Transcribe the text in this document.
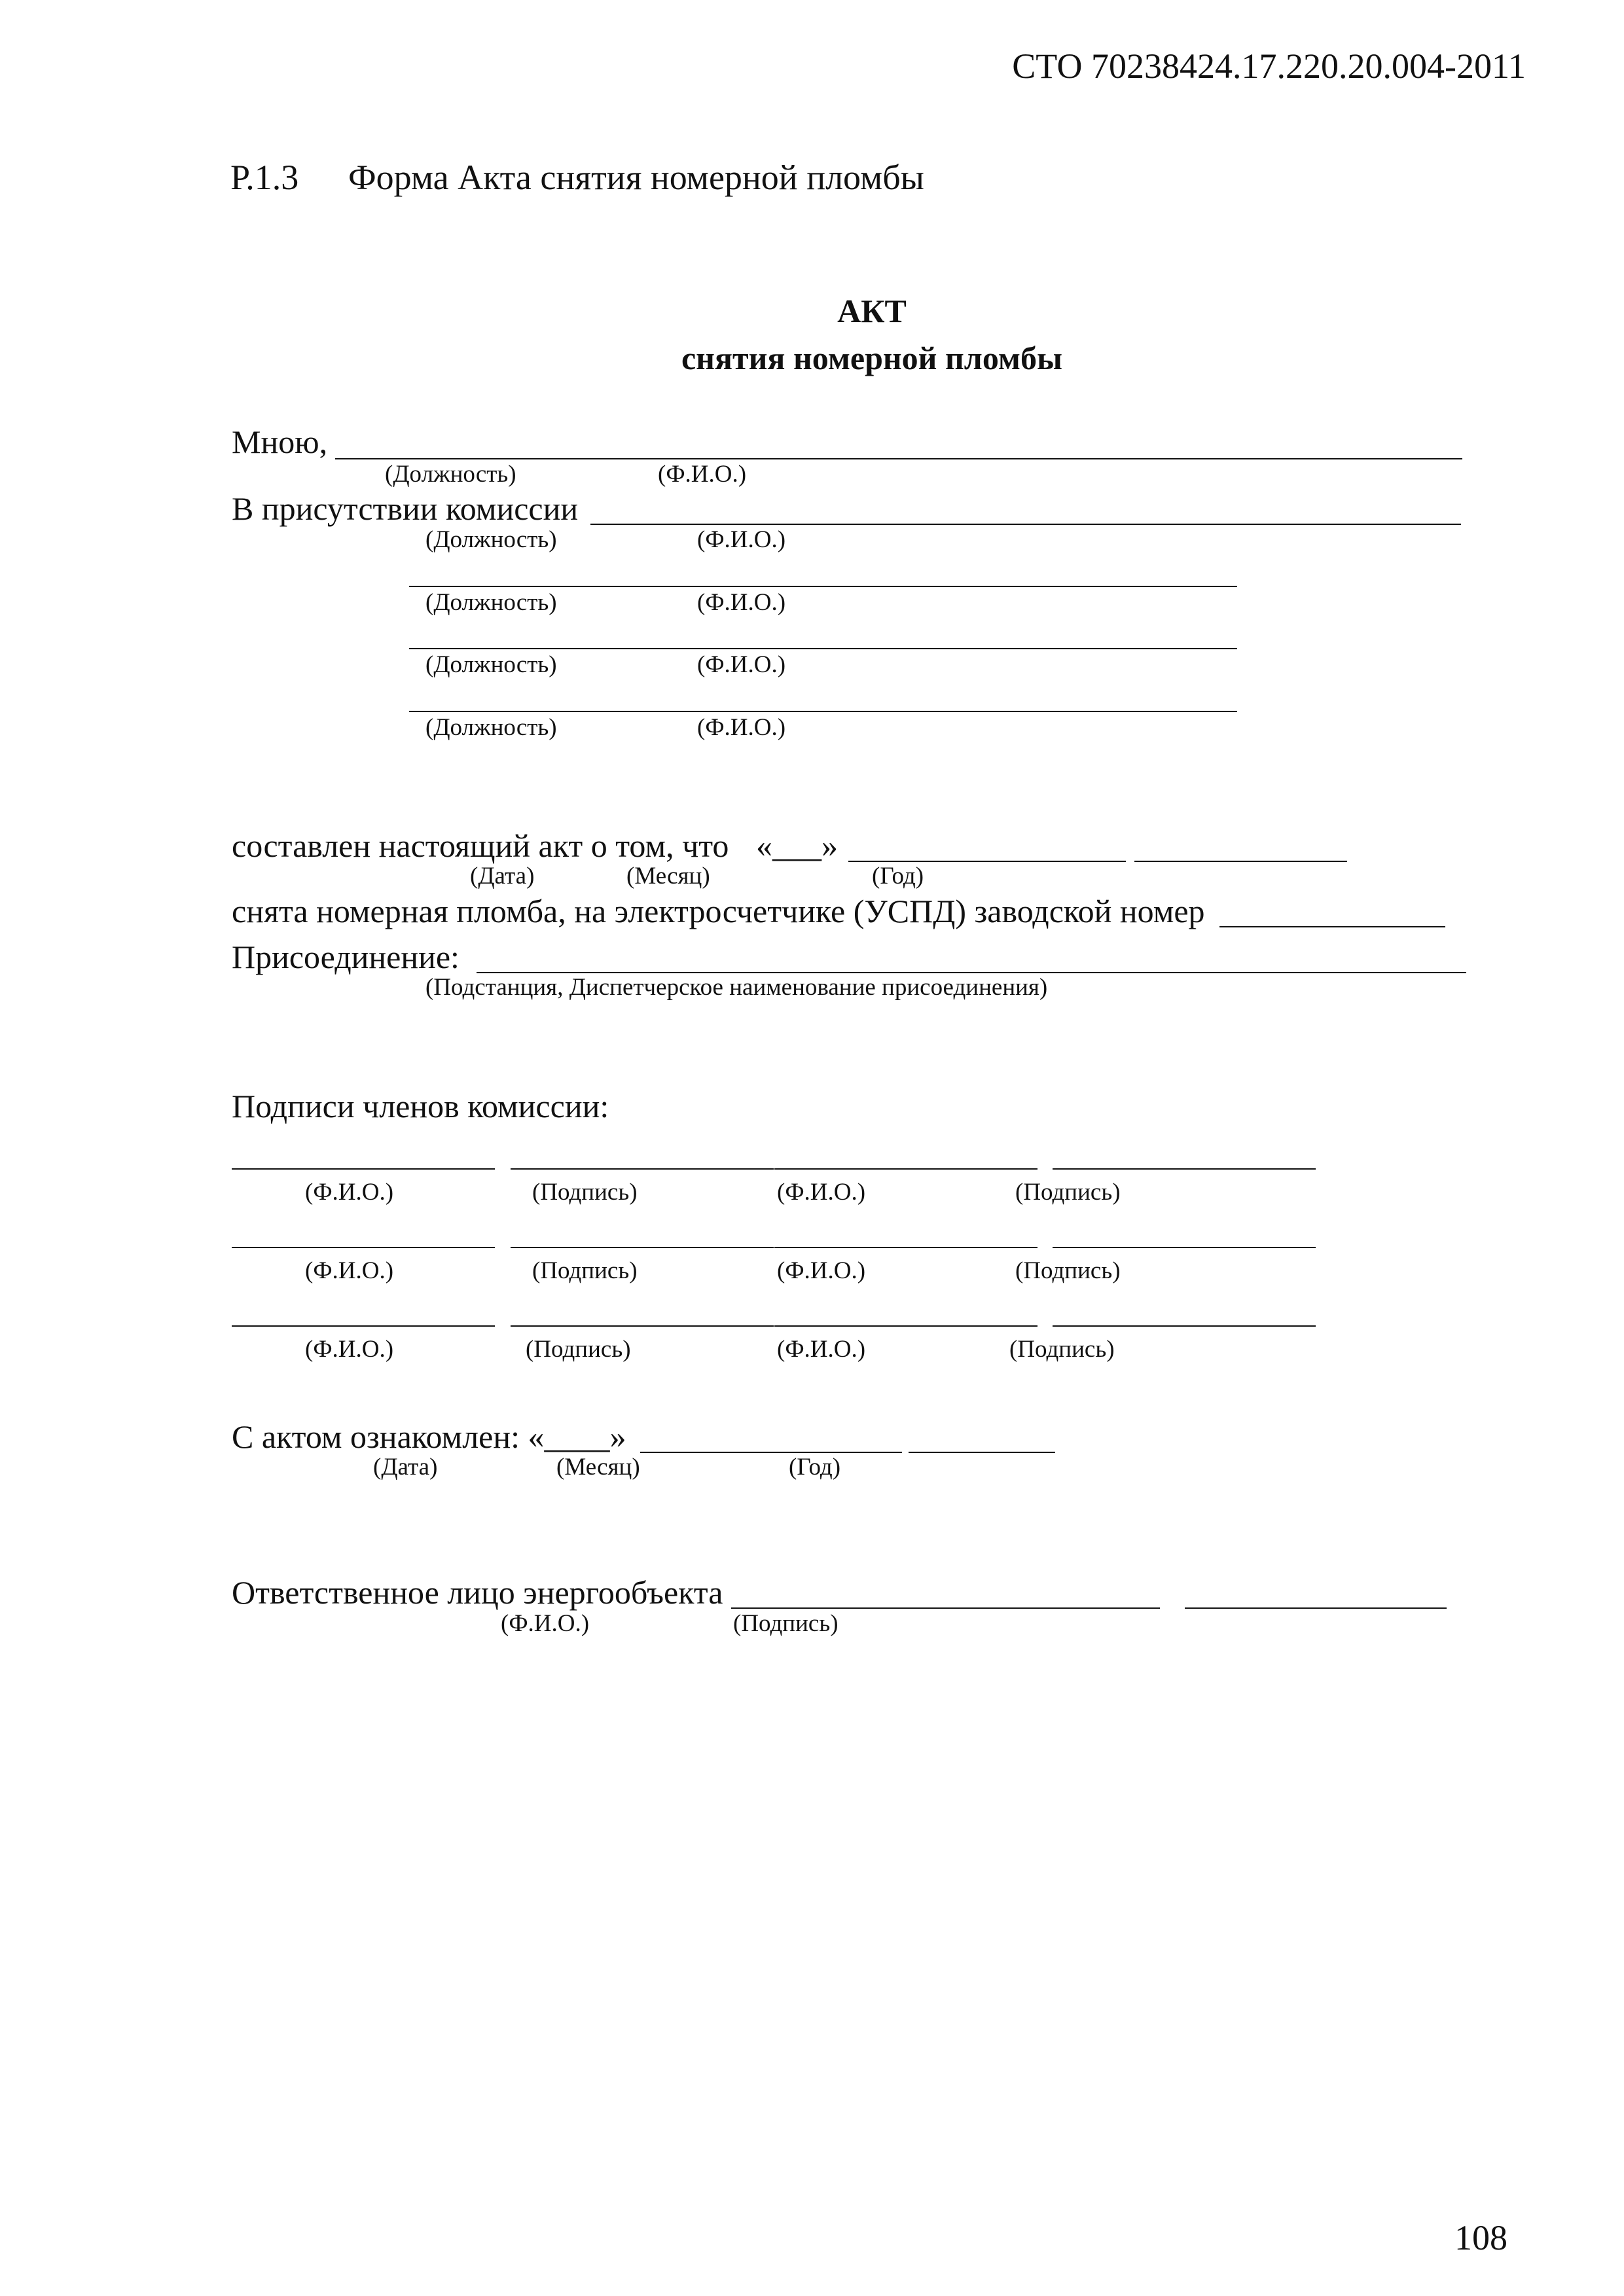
СТО 70238424.17.220.20.004-2011
Р.1.3 Форма Акта снятия номерной пломбы
АКТ
снятия номерной пломбы
Мною,
(Должность)	(Ф.И.О.)
В присутствии комиссии
(Должность)	(Ф.И.О.)
(Должность)	(Ф.И.О.)
(Должность)	(Ф.И.О.)
(Должность)	(Ф.И.О.)
составлен настоящий акт о том, что «___»
(Дата)	(Месяц)	(Год)
снята номерная пломба, на электросчетчике (УСПД) заводской номер
Присоединение:
(Подстанция, Диспетчерское наименование присоединения)
Подписи членов комиссии:
(Ф.И.О.)	(Подпись)	(Ф.И.О.)	(Подпись)
(Ф.И.О.)	(Подпись)	(Ф.И.О.)	(Подпись)
(Ф.И.О.)	(Подпись)	(Ф.И.О.)	(Подпись)
С актом ознакомлен: «____»
(Дата)	(Месяц)	(Год)
Ответственное лицо энергообъекта
(Ф.И.О.)	(Подпись)
108
